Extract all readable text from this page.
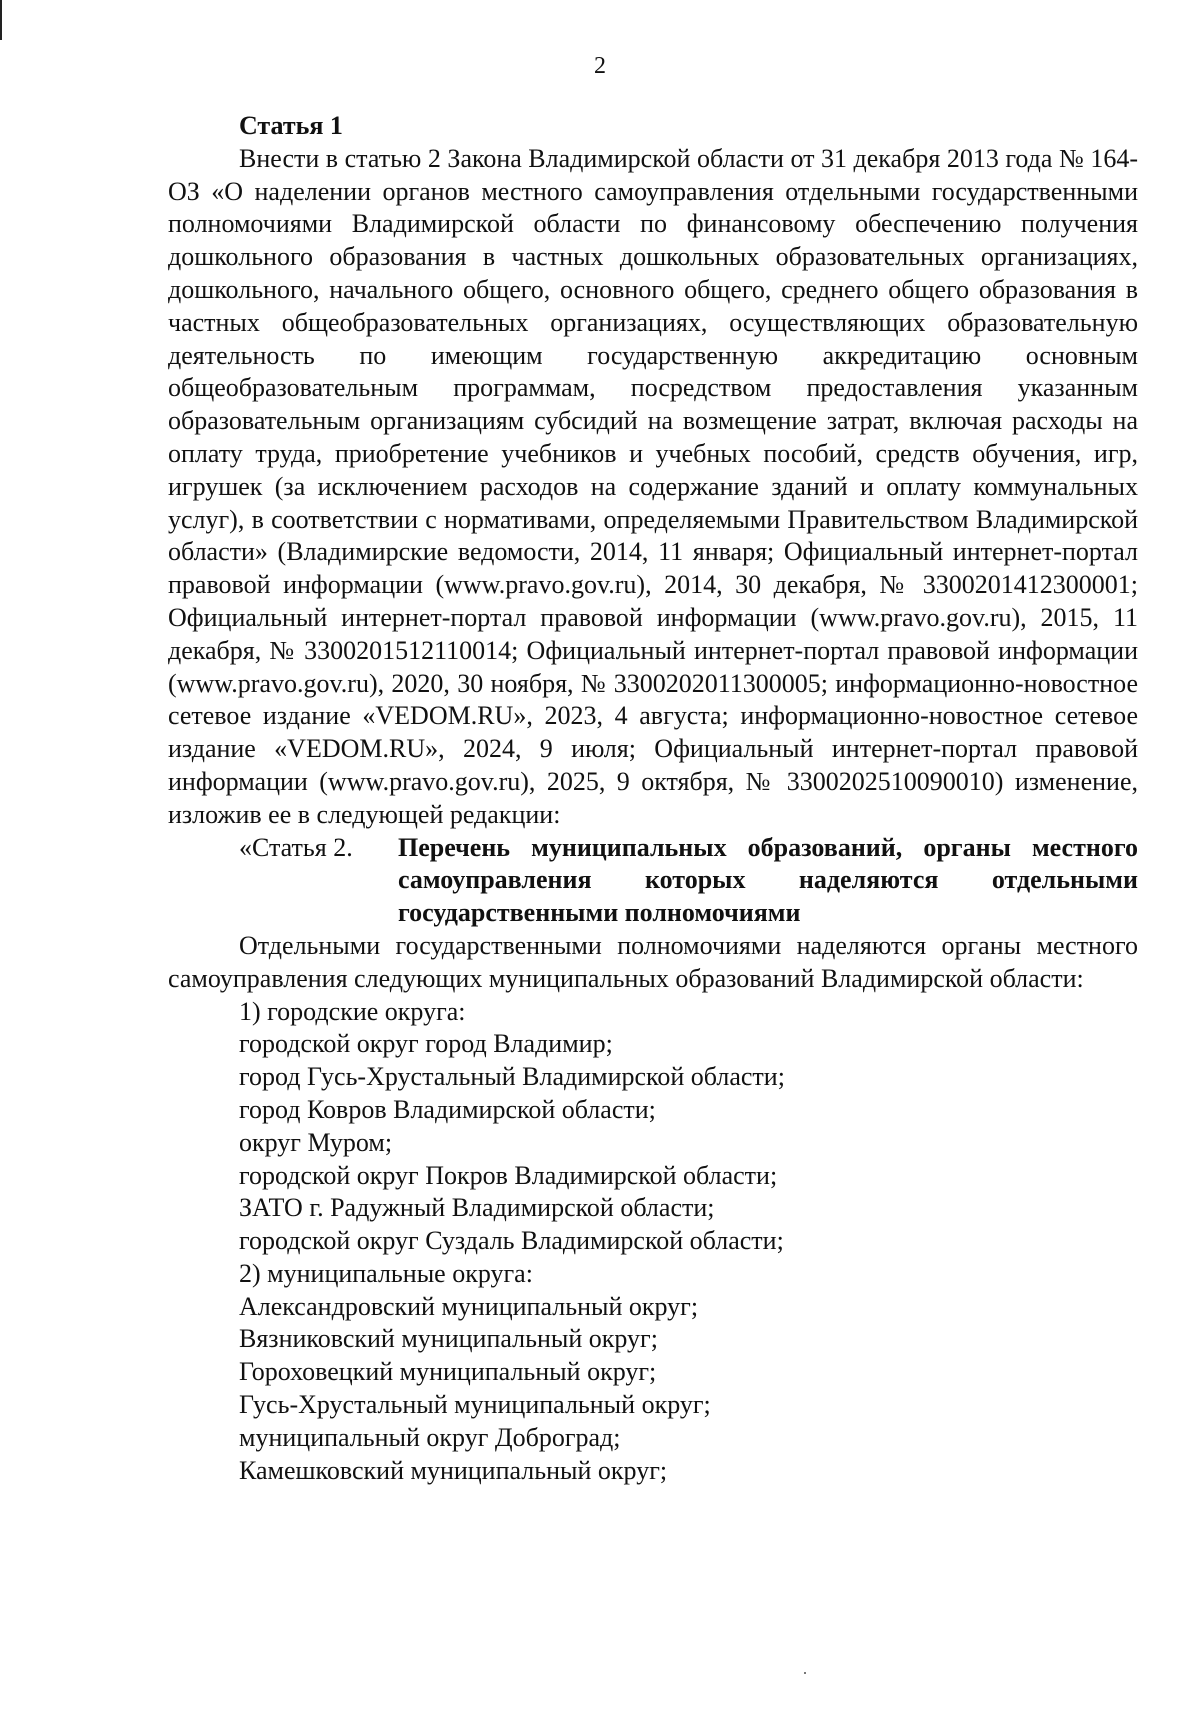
2

Статья 1

Внести в статью 2 Закона Владимирской области от 31 декабря 2013 года № 164-ОЗ «О наделении органов местного самоуправления отдельными государственными полномочиями Владимирской области по финансовому обеспечению получения дошкольного образования в частных дошкольных образовательных организациях, дошкольного, начального общего, основного общего, среднего общего образования в частных общеобразовательных организациях, осуществляющих образовательную деятельность по имеющим государственную аккредитацию основным общеобразовательным программам, посредством предоставления указанным образовательным организациям субсидий на возмещение затрат, включая расходы на оплату труда, приобретение учебников и учебных пособий, средств обучения, игр, игрушек (за исключением расходов на содержание зданий и оплату коммунальных услуг), в соответствии с нормативами, определяемыми Правительством Владимирской области» (Владимирские ведомости, 2014, 11 января; Официальный интернет-портал правовой информации (www.pravo.gov.ru), 2014, 30 декабря, № 3300201412300001; Официальный интернет-портал правовой информации (www.pravo.gov.ru), 2015, 11 декабря, № 3300201512110014; Официальный интернет-портал правовой информации (www.pravo.gov.ru), 2020, 30 ноября, № 3300202011300005; информационно-новостное сетевое издание «VEDOM.RU», 2023, 4 августа; информационно-новостное сетевое издание «VEDOM.RU», 2024, 9 июля; Официальный интернет-портал правовой информации (www.pravo.gov.ru), 2025, 9 октября, № 3300202510090010) изменение, изложив ее в следующей редакции:

«Статья 2.	Перечень муниципальных образований, органы местного самоуправления которых наделяются отдельными государственными полномочиями

Отдельными государственными полномочиями наделяются органы местного самоуправления следующих муниципальных образований Владимирской области:

1) городские округа:
городской округ город Владимир;
город Гусь-Хрустальный Владимирской области;
город Ковров Владимирской области;
округ Муром;
городской округ Покров Владимирской области;
ЗАТО г. Радужный Владимирской области;
городской округ Суздаль Владимирской области;
2) муниципальные округа:
Александровский муниципальный округ;
Вязниковский муниципальный округ;
Гороховецкий муниципальный округ;
Гусь-Хрустальный муниципальный округ;
муниципальный округ Доброград;
Камешковский муниципальный округ;
